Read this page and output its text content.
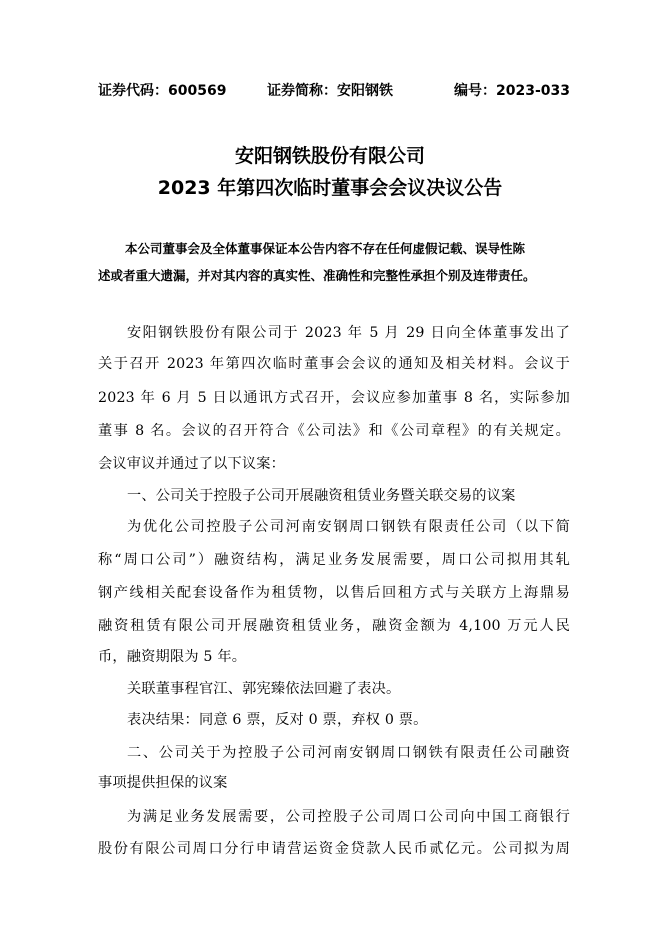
证券代码：600569	证券简称：安阳钢铁	编号：2023-033
安阳钢铁股份有限公司
2023 年第四次临时董事会会议决议公告
本公司董事会及全体董事保证本公告内容不存在任何虚假记载、误导性陈
述或者重大遗漏，并对其内容的真实性、准确性和完整性承担个别及连带责任。
安阳钢铁股份有限公司于 2023 年 5 月 29 日向全体董事发出了
关于召开 2023 年第四次临时董事会会议的通知及相关材料。会议于
2023 年 6 月 5 日以通讯方式召开，会议应参加董事 8 名，实际参加
董事 8 名。会议的召开符合《公司法》和《公司章程》的有关规定。
会议审议并通过了以下议案：
一、公司关于控股子公司开展融资租赁业务暨关联交易的议案
为优化公司控股子公司河南安钢周口钢铁有限责任公司（以下简
称“周口公司”）融资结构，满足业务发展需要，周口公司拟用其轧
钢产线相关配套设备作为租赁物，以售后回租方式与关联方上海鼎易
融资租赁有限公司开展融资租赁业务，融资金额为 4,100 万元人民
币，融资期限为 5 年。
关联董事程官江、郭宪臻依法回避了表决。
表决结果：同意 6 票，反对 0 票，弃权 0 票。
二、公司关于为控股子公司河南安钢周口钢铁有限责任公司融资
事项提供担保的议案
为满足业务发展需要，公司控股子公司周口公司向中国工商银行
股份有限公司周口分行申请营运资金贷款人民币贰亿元。公司拟为周
